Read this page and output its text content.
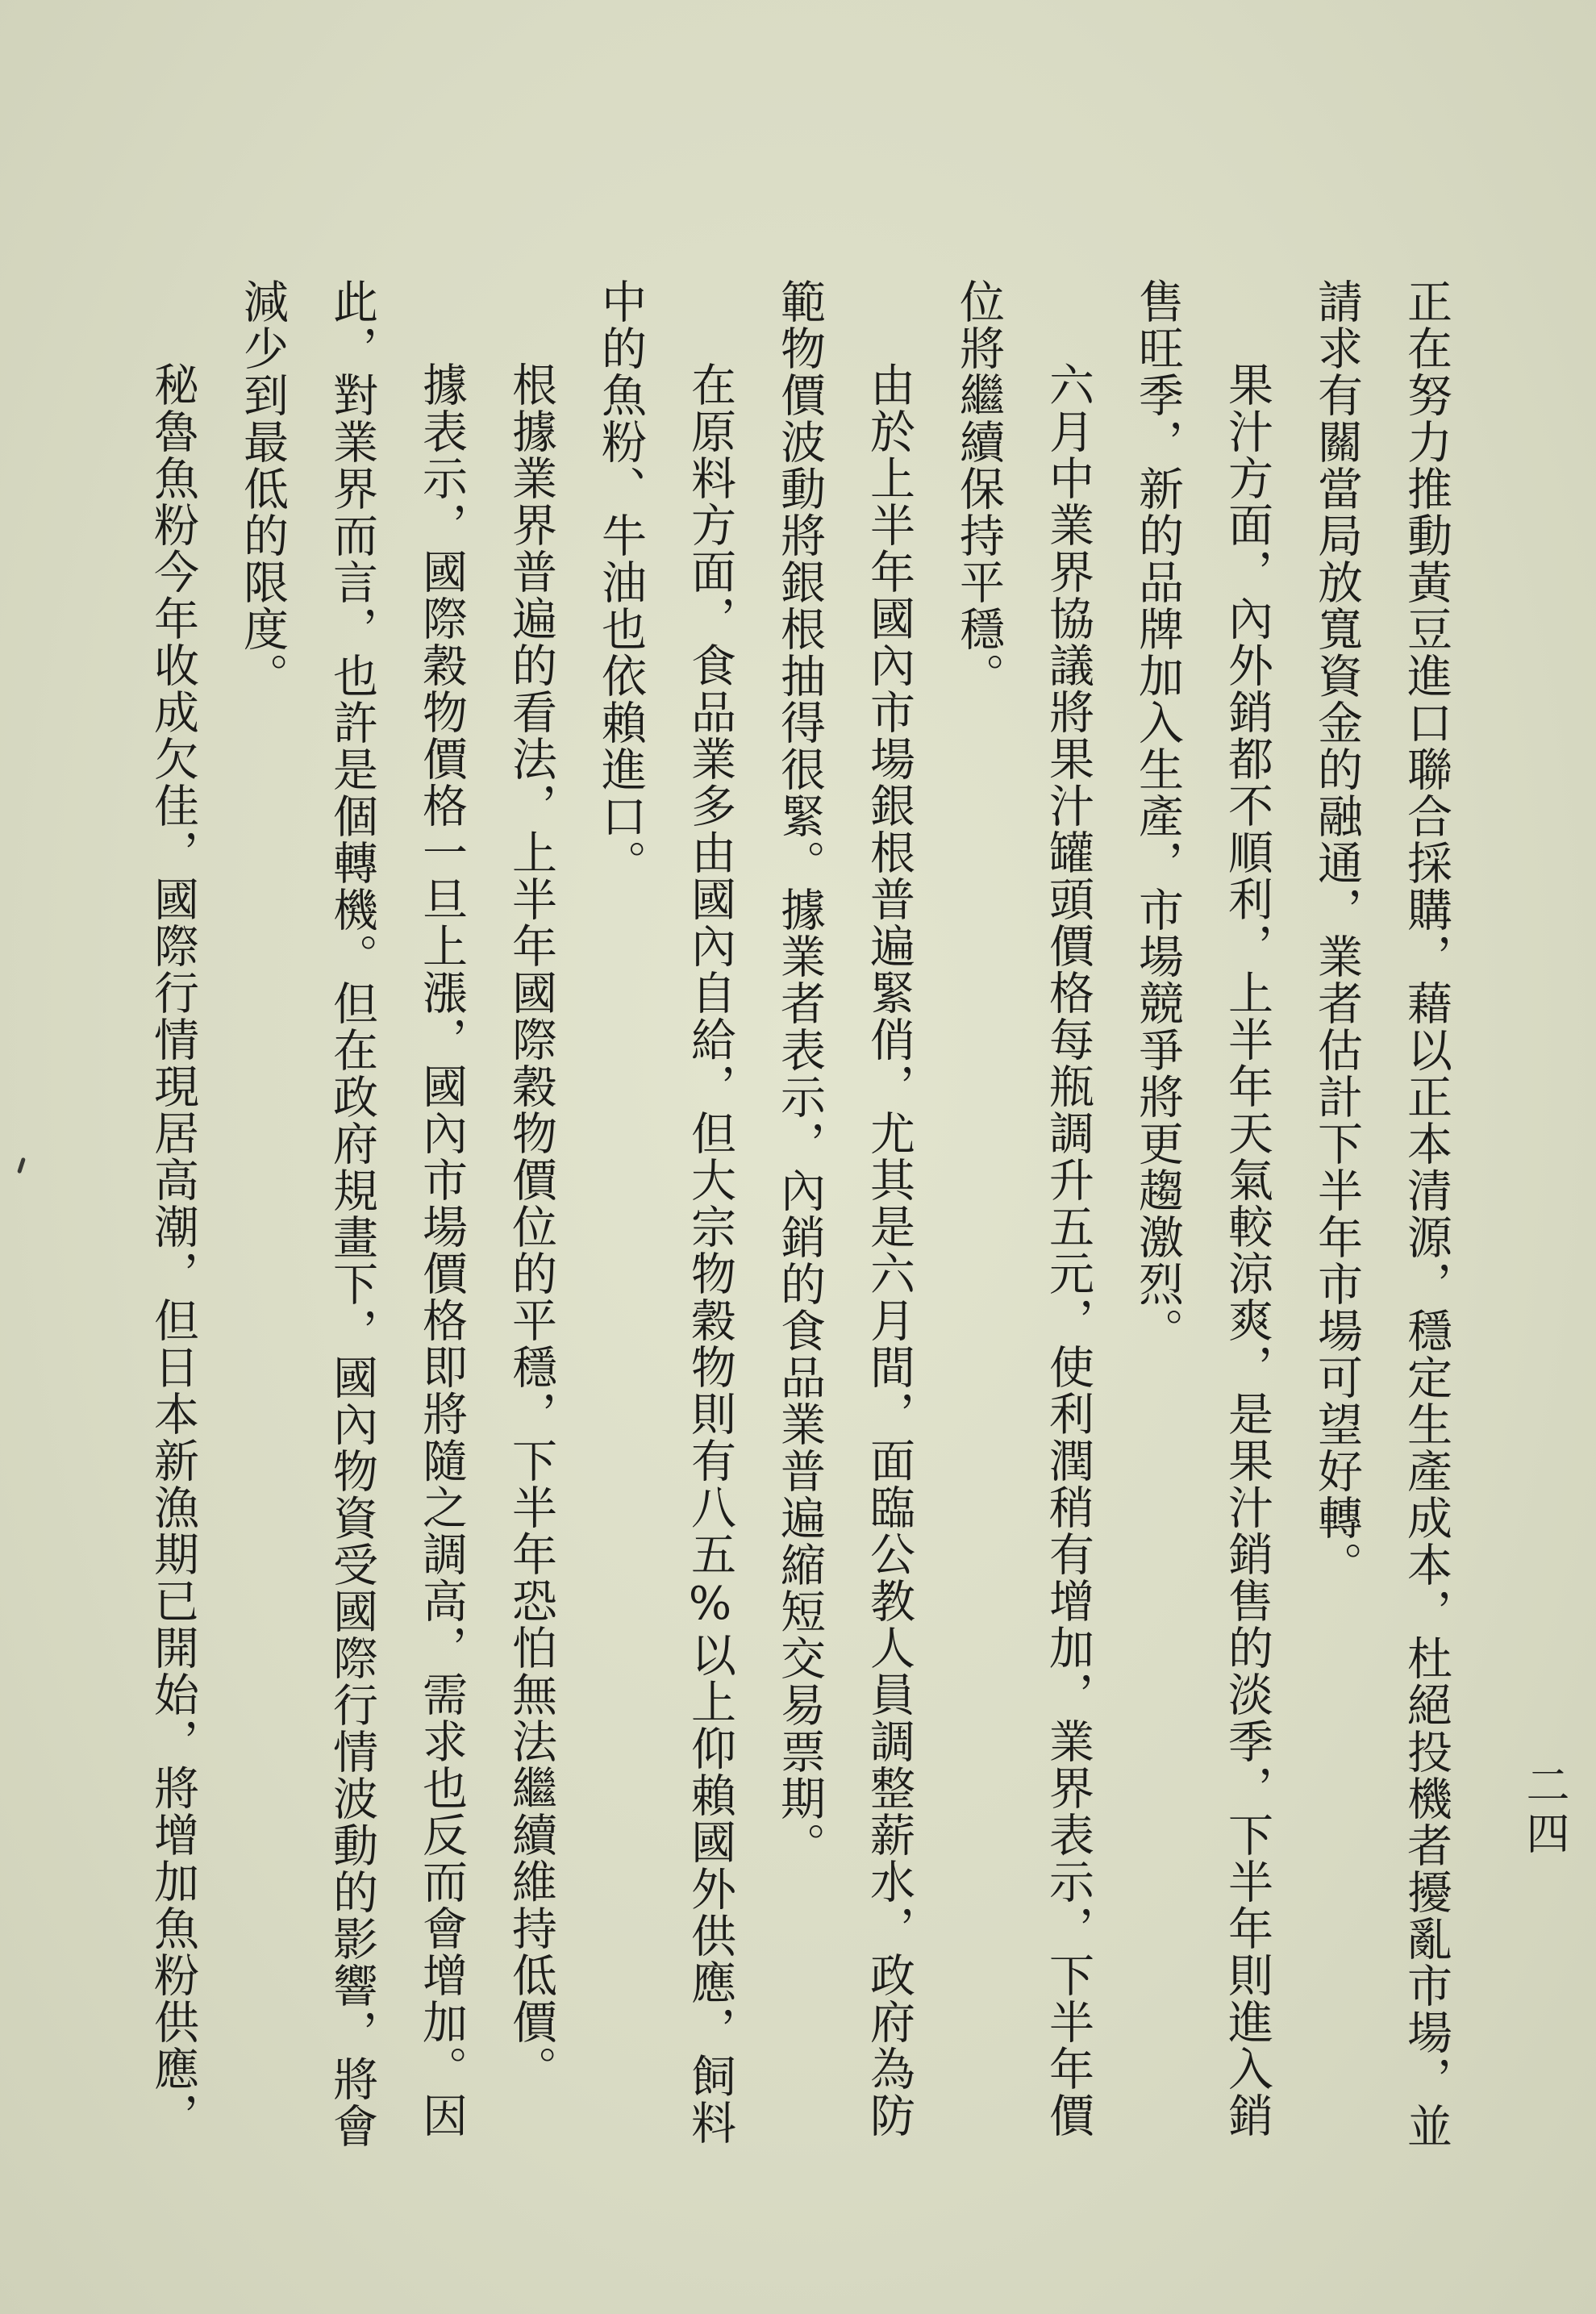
正在努力推動黃豆進口聯合採購，藉以正本清源，穩定生產成本，杜絕投機者擾亂市場，並
請求有關當局放寬資金的融通，業者估計下半年市場可望好轉。
果汁方面，內外銷都不順利，上半年天氣較涼爽，是果汁銷售的淡季，下半年則進入銷
售旺季，新的品牌加入生產，市場競爭將更趨激烈。
六月中業界協議將果汁罐頭價格每瓶調升五元，使利潤稍有增加，業界表示，下半年價
位將繼續保持平穩。
由於上半年國內市場銀根普遍緊俏，尤其是六月間，面臨公教人員調整薪水，政府為防
範物價波動將銀根抽得很緊。據業者表示，內銷的食品業普遍縮短交易票期。
在原料方面，食品業多由國內自給，但大宗物穀物則有八五%以上仰賴國外供應，飼料
中的魚粉、牛油也依賴進口。
根據業界普遍的看法，上半年國際穀物價位的平穩，下半年恐怕無法繼續維持低價。
據表示，國際穀物價格一旦上漲，國內市場價格即將隨之調高，需求也反而會增加。因
此，對業界而言，也許是個轉機。但在政府規畫下，國內物資受國際行情波動的影響，將會
減少到最低的限度。
秘魯魚粉今年收成欠佳，國際行情現居高潮，但日本新漁期已開始，將增加魚粉供應，	二四
